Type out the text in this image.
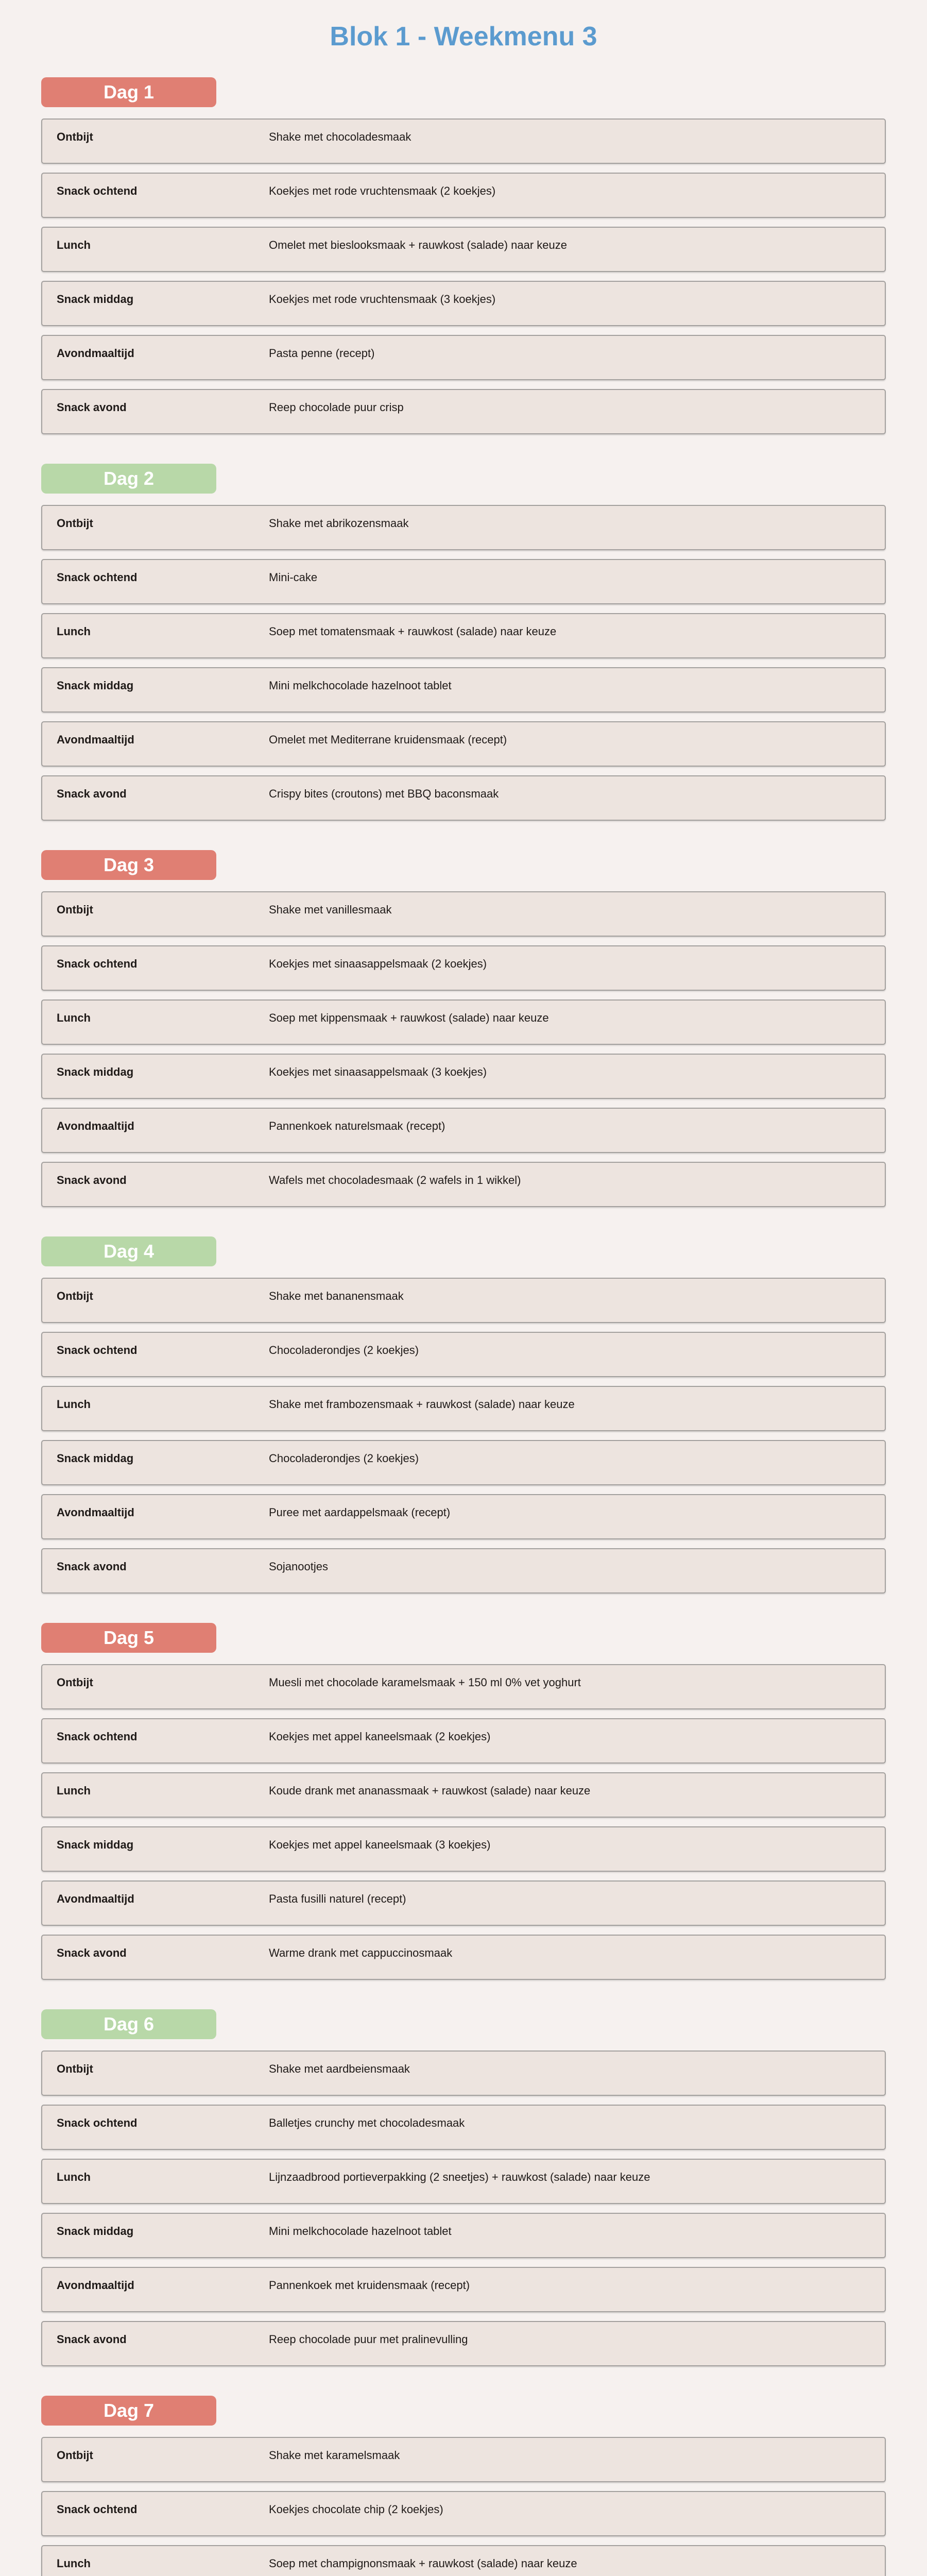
Blok 1 - Weekmenu 3
Dag 1
Ontbijt	Shake met chocoladesmaak
Snack ochtend	Koekjes met rode vruchtensmaak (2 koekjes)
Lunch	Omelet met bieslooksmaak + rauwkost (salade) naar keuze
Snack middag	Koekjes met rode vruchtensmaak (3 koekjes)
Avondmaaltijd	Pasta penne (recept)
Snack avond	Reep chocolade puur crisp
Dag 2
Ontbijt	Shake met abrikozensmaak
Snack ochtend	Mini-cake
Lunch	Soep met tomatensmaak + rauwkost (salade) naar keuze
Snack middag	Mini melkchocolade hazelnoot tablet
Avondmaaltijd	Omelet met Mediterrane kruidensmaak (recept)
Snack avond	Crispy bites (croutons) met BBQ baconsmaak
Dag 3
Ontbijt	Shake met vanillesmaak
Snack ochtend	Koekjes met sinaasappelsmaak (2 koekjes)
Lunch	Soep met kippensmaak + rauwkost (salade) naar keuze
Snack middag	Koekjes met sinaasappelsmaak (3 koekjes)
Avondmaaltijd	Pannenkoek naturelsmaak (recept)
Snack avond	Wafels met chocoladesmaak (2 wafels in 1 wikkel)
Dag 4
Ontbijt	Shake met bananensmaak
Snack ochtend	Chocoladerondjes (2 koekjes)
Lunch	Shake met frambozensmaak + rauwkost (salade) naar keuze
Snack middag	Chocoladerondjes (2 koekjes)
Avondmaaltijd	Puree met aardappelsmaak (recept)
Snack avond	Sojanootjes
Dag 5
Ontbijt	Muesli met chocolade karamelsmaak + 150 ml 0% vet yoghurt
Snack ochtend	Koekjes met appel kaneelsmaak (2 koekjes)
Lunch	Koude drank met ananassmaak + rauwkost (salade) naar keuze
Snack middag	Koekjes met appel kaneelsmaak (3 koekjes)
Avondmaaltijd	Pasta fusilli naturel (recept)
Snack avond	Warme drank met cappuccinosmaak
Dag 6
Ontbijt	Shake met aardbeiensmaak
Snack ochtend	Balletjes crunchy met chocoladesmaak
Lunch	Lijnzaadbrood portieverpakking (2 sneetjes) + rauwkost (salade) naar keuze
Snack middag	Mini melkchocolade hazelnoot tablet
Avondmaaltijd	Pannenkoek met kruidensmaak (recept)
Snack avond	Reep chocolade puur met pralinevulling
Dag 7
Ontbijt	Shake met karamelsmaak
Snack ochtend	Koekjes chocolate chip (2 koekjes)
Lunch	Soep met champignonsmaak + rauwkost (salade) naar keuze
